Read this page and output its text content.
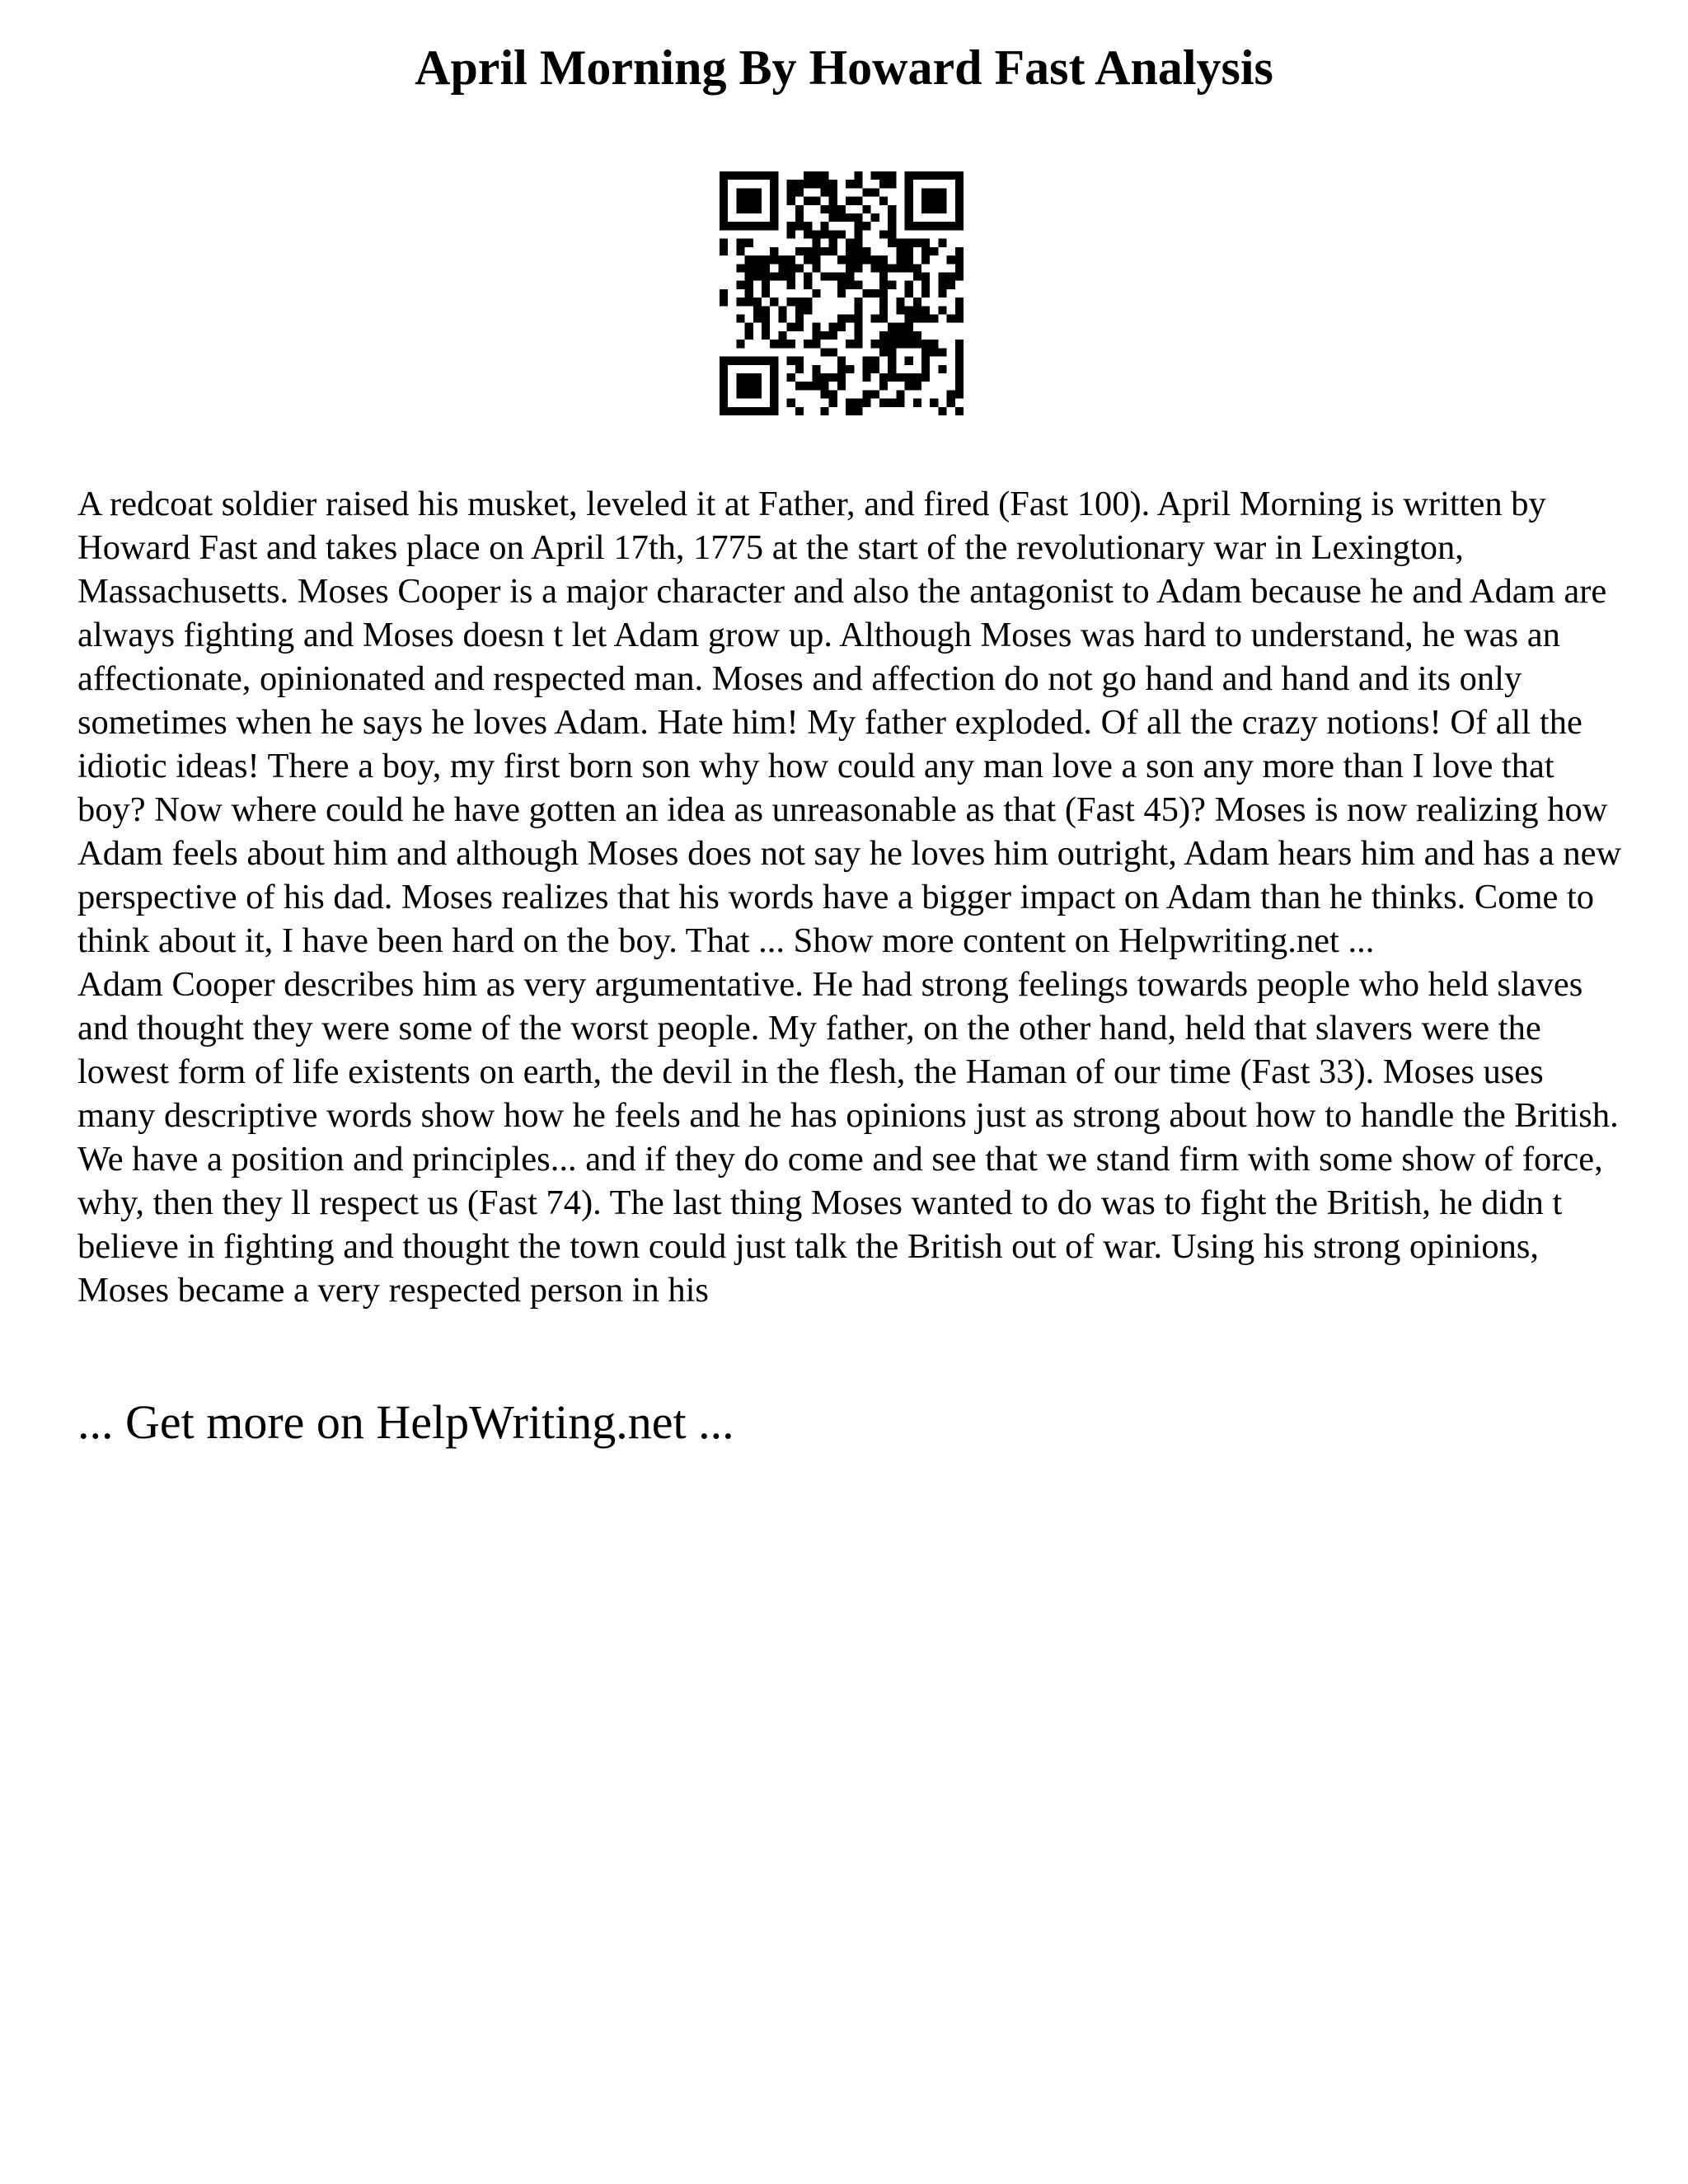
April Morning By Howard Fast Analysis

A redcoat soldier raised his musket, leveled it at Father, and fired (Fast 100). April Morning is written by Howard Fast and takes place on April 17th, 1775 at the start of the revolutionary war in Lexington, Massachusetts. Moses Cooper is a major character and also the antagonist to Adam because he and Adam are always fighting and Moses doesn t let Adam grow up. Although Moses was hard to understand, he was an affectionate, opinionated and respected man. Moses and affection do not go hand and hand and its only sometimes when he says he loves Adam. Hate him! My father exploded. Of all the crazy notions! Of all the idiotic ideas! There a boy, my first born son why how could any man love a son any more than I love that boy? Now where could he have gotten an idea as unreasonable as that (Fast 45)? Moses is now realizing how Adam feels about him and although Moses does not say he loves him outright, Adam hears him and has a new perspective of his dad. Moses realizes that his words have a bigger impact on Adam than he thinks. Come to think about it, I have been hard on the boy. That ... Show more content on Helpwriting.net ...

Adam Cooper describes him as very argumentative. He had strong feelings towards people who held slaves and thought they were some of the worst people. My father, on the other hand, held that slavers were the lowest form of life existents on earth, the devil in the flesh, the Haman of our time (Fast 33). Moses uses many descriptive words show how he feels and he has opinions just as strong about how to handle the British. We have a position and principles... and if they do come and see that we stand firm with some show of force, why, then they ll respect us (Fast 74). The last thing Moses wanted to do was to fight the British, he didn t believe in fighting and thought the town could just talk the British out of war. Using his strong opinions, Moses became a very respected person in his

... Get more on HelpWriting.net ...
